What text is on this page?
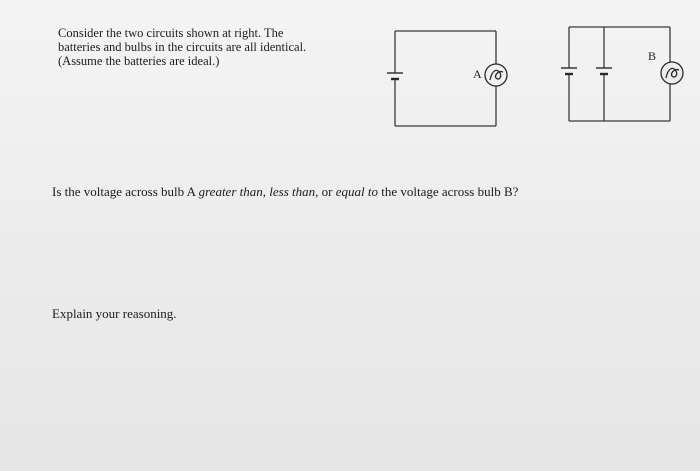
Consider the two circuits shown at right. The
batteries and bulbs in the circuits are all identical.
(Assume the batteries are ideal.)

A
B

Is the voltage across bulb A greater than, less than, or equal to the voltage across bulb B?

Explain your reasoning.
